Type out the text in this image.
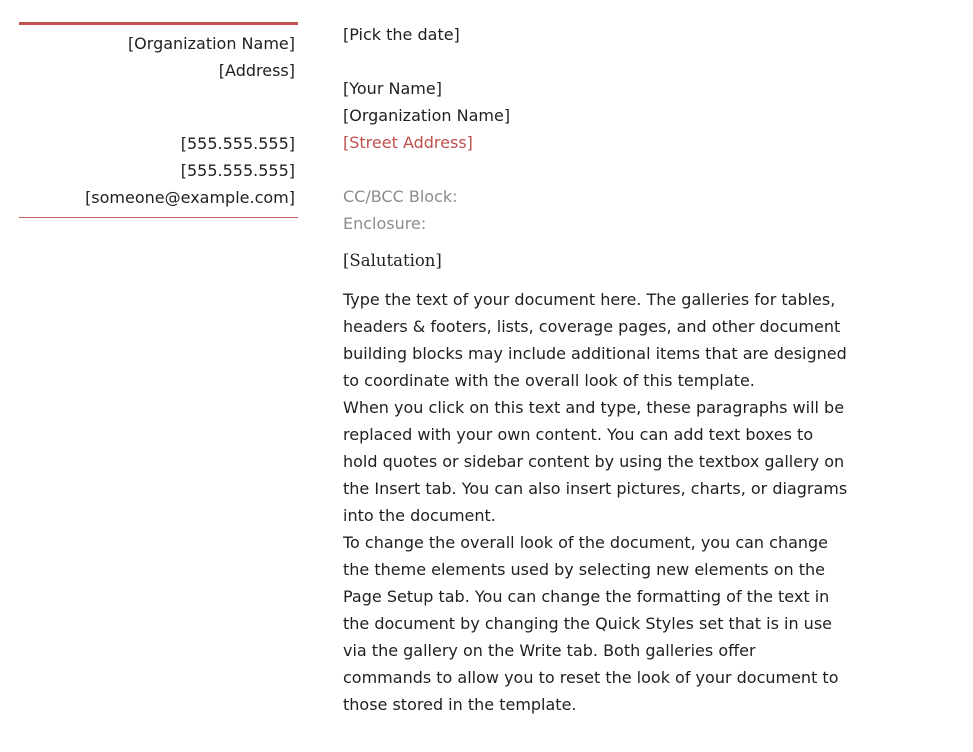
[Organization Name]
[Address]
[555.555.555]
[555.555.555]
[someone@example.com]
[Pick the date]
[Your Name]
[Organization Name]
[Street Address]
CC/BCC Block:
Enclosure:
[Salutation]

Type the text of your document here. The galleries for tables,

headers & footers, lists, coverage pages, and other document

building blocks may include additional items that are designed

to coordinate with the overall look of this template.

When you click on this text and type, these paragraphs will be

replaced with your own content. You can add text boxes to

hold quotes or sidebar content by using the textbox gallery on

the Insert tab. You can also insert pictures, charts, or diagrams

into the document.

To change the overall look of the document, you can change

the theme elements used by selecting new elements on the

Page Setup tab. You can change the formatting of the text in

the document by changing the Quick Styles set that is in use

via the gallery on the Write tab. Both galleries offer

commands to allow you to reset the look of your document to

those stored in the template.
